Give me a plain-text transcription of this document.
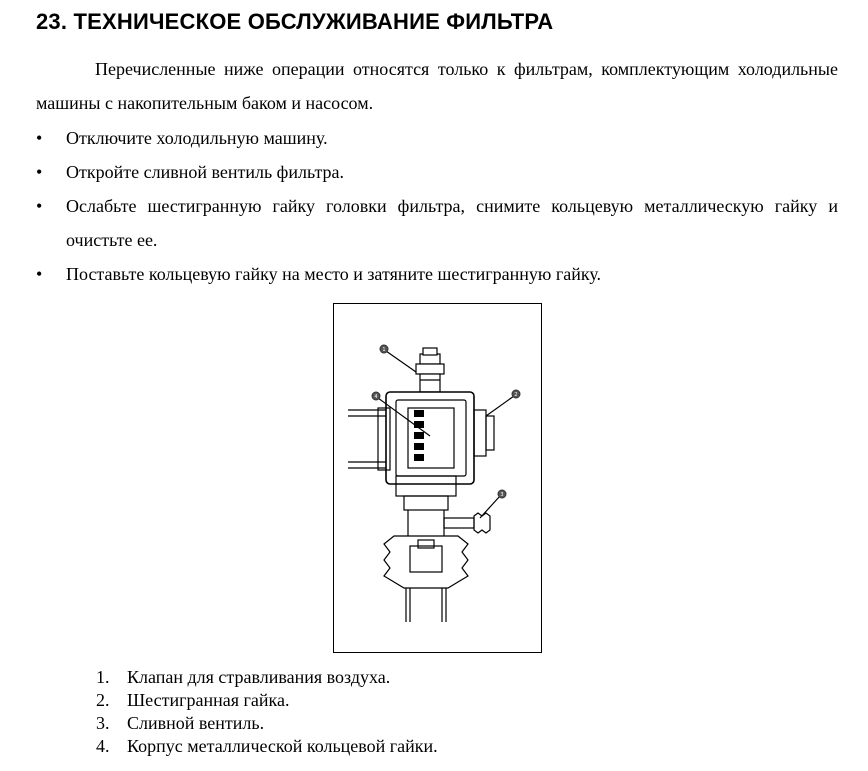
23. ТЕХНИЧЕСКОЕ ОБСЛУЖИВАНИЕ ФИЛЬТРА

Перечисленные ниже операции относятся только к фильтрам, комплектующим холодильные машины с накопительным баком и насосом.

• Отключите холодильную машину.
• Откройте сливной вентиль фильтра.
• Ослабьте шестигранную гайку головки фильтра, снимите кольцевую металлическую гайку и очистьте ее.
• Поставьте кольцевую гайку на место и затяните шестигранную гайку.
1
2
3
4
1. Клапан для стравливания воздуха.
2. Шестигранная гайка.
3. Сливной вентиль.
4. Корпус металлической кольцевой гайки.
